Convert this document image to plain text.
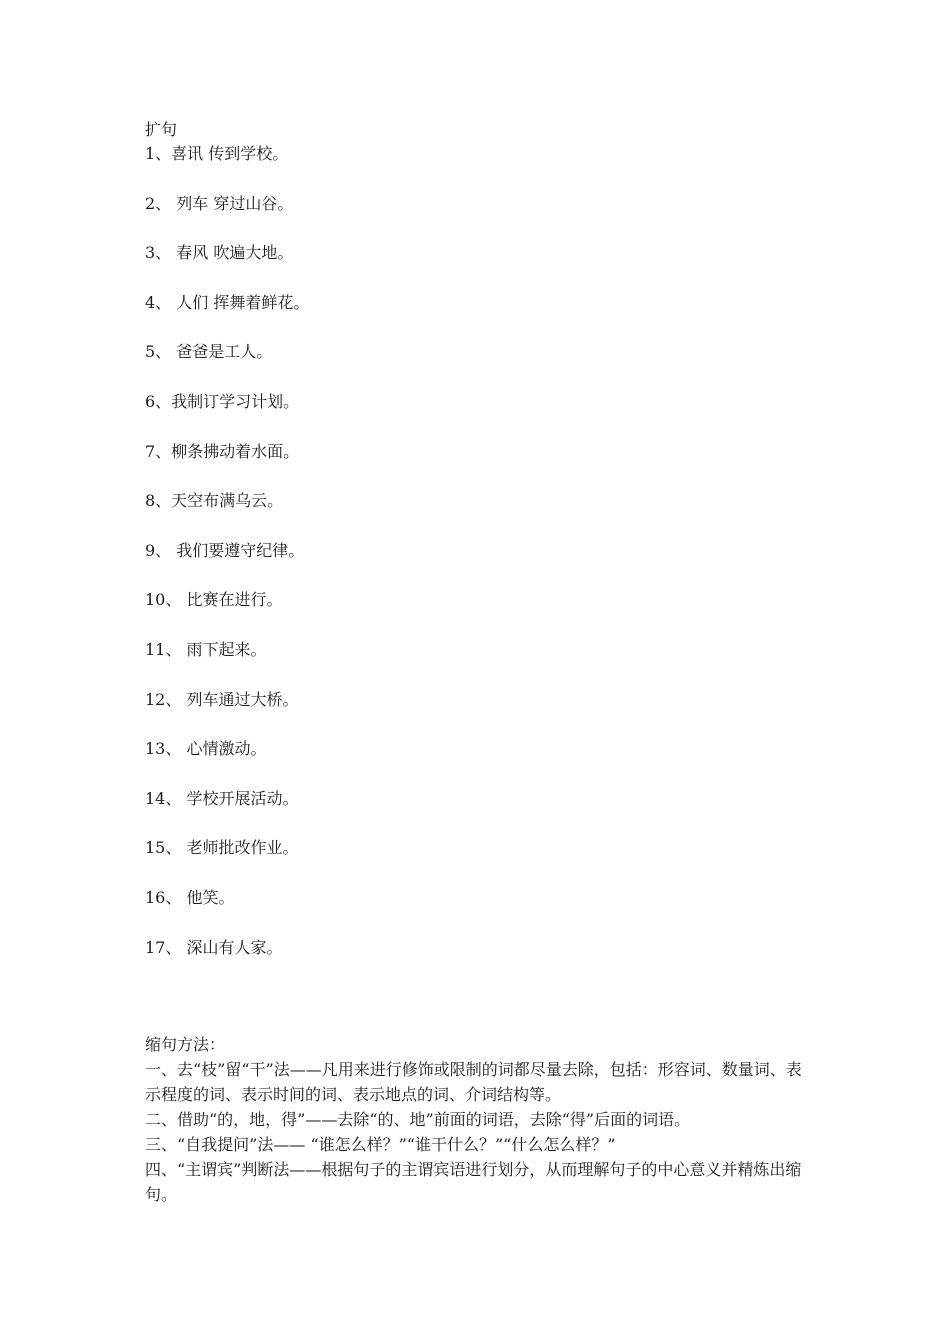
扩句

1、喜讯 传到学校。

2、 列车 穿过山谷。

3、 春风 吹遍大地。

4、 人们 挥舞着鲜花。

5、 爸爸是工人。

6、我制订学习计划。

7、柳条拂动着水面。

8、天空布满乌云。

9、 我们要遵守纪律。

10、 比赛在进行。

11、 雨下起来。

12、 列车通过大桥。

13、 心情激动。

14、 学校开展活动。

15、 老师批改作业。

16、 他笑。

17、 深山有人家。

缩句方法：

一、去“枝”留“干”法——凡用来进行修饰或限制的词都尽量去除，包括：形容词、数量词、表示程度的词、表示时间的词、表示地点的词、介词结构等。

二、借助“的，地，得”——去除“的、地”前面的词语，去除“得”后面的词语。

三、“自我提问”法—— “谁怎么样？”“谁干什么？”“什么怎么样？”

四、“主谓宾”判断法——根据句子的主谓宾语进行划分，从而理解句子的中心意义并精炼出缩句。
